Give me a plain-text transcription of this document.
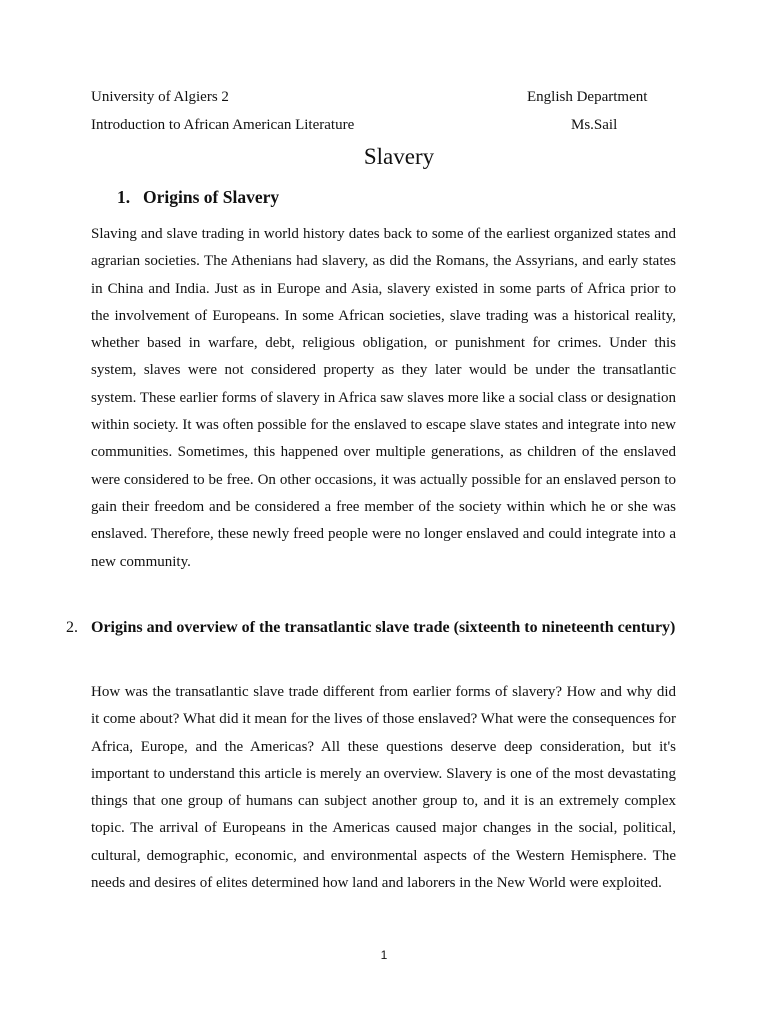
University of Algiers 2	English Department
Introduction to African American Literature	Ms.Sail
Slavery
1. Origins of Slavery

Slaving and slave trading in world history dates back to some of the earliest organized states and agrarian societies. The Athenians had slavery, as did the Romans, the Assyrians, and early states in China and India. Just as in Europe and Asia, slavery existed in some parts of Africa prior to the involvement of Europeans. In some African societies, slave trading was a historical reality, whether based in warfare, debt, religious obligation, or punishment for crimes. Under this system, slaves were not considered property as they later would be under the transatlantic system. These earlier forms of slavery in Africa saw slaves more like a social class or designation within society. It was often possible for the enslaved to escape slave states and integrate into new communities. Sometimes, this happened over multiple generations, as children of the enslaved were considered to be free. On other occasions, it was actually possible for an enslaved person to gain their freedom and be considered a free member of the society within which he or she was enslaved. Therefore, these newly freed people were no longer enslaved and could integrate into a new community.

2. Origins and overview of the transatlantic slave trade (sixteenth to nineteenth century)

How was the transatlantic slave trade different from earlier forms of slavery? How and why did it come about? What did it mean for the lives of those enslaved? What were the consequences for Africa, Europe, and the Americas? All these questions deserve deep consideration, but it's important to understand this article is merely an overview. Slavery is one of the most devastating things that one group of humans can subject another group to, and it is an extremely complex topic. The arrival of Europeans in the Americas caused major changes in the social, political, cultural, demographic, economic, and environmental aspects of the Western Hemisphere. The needs and desires of elites determined how land and laborers in the New World were exploited.

1
